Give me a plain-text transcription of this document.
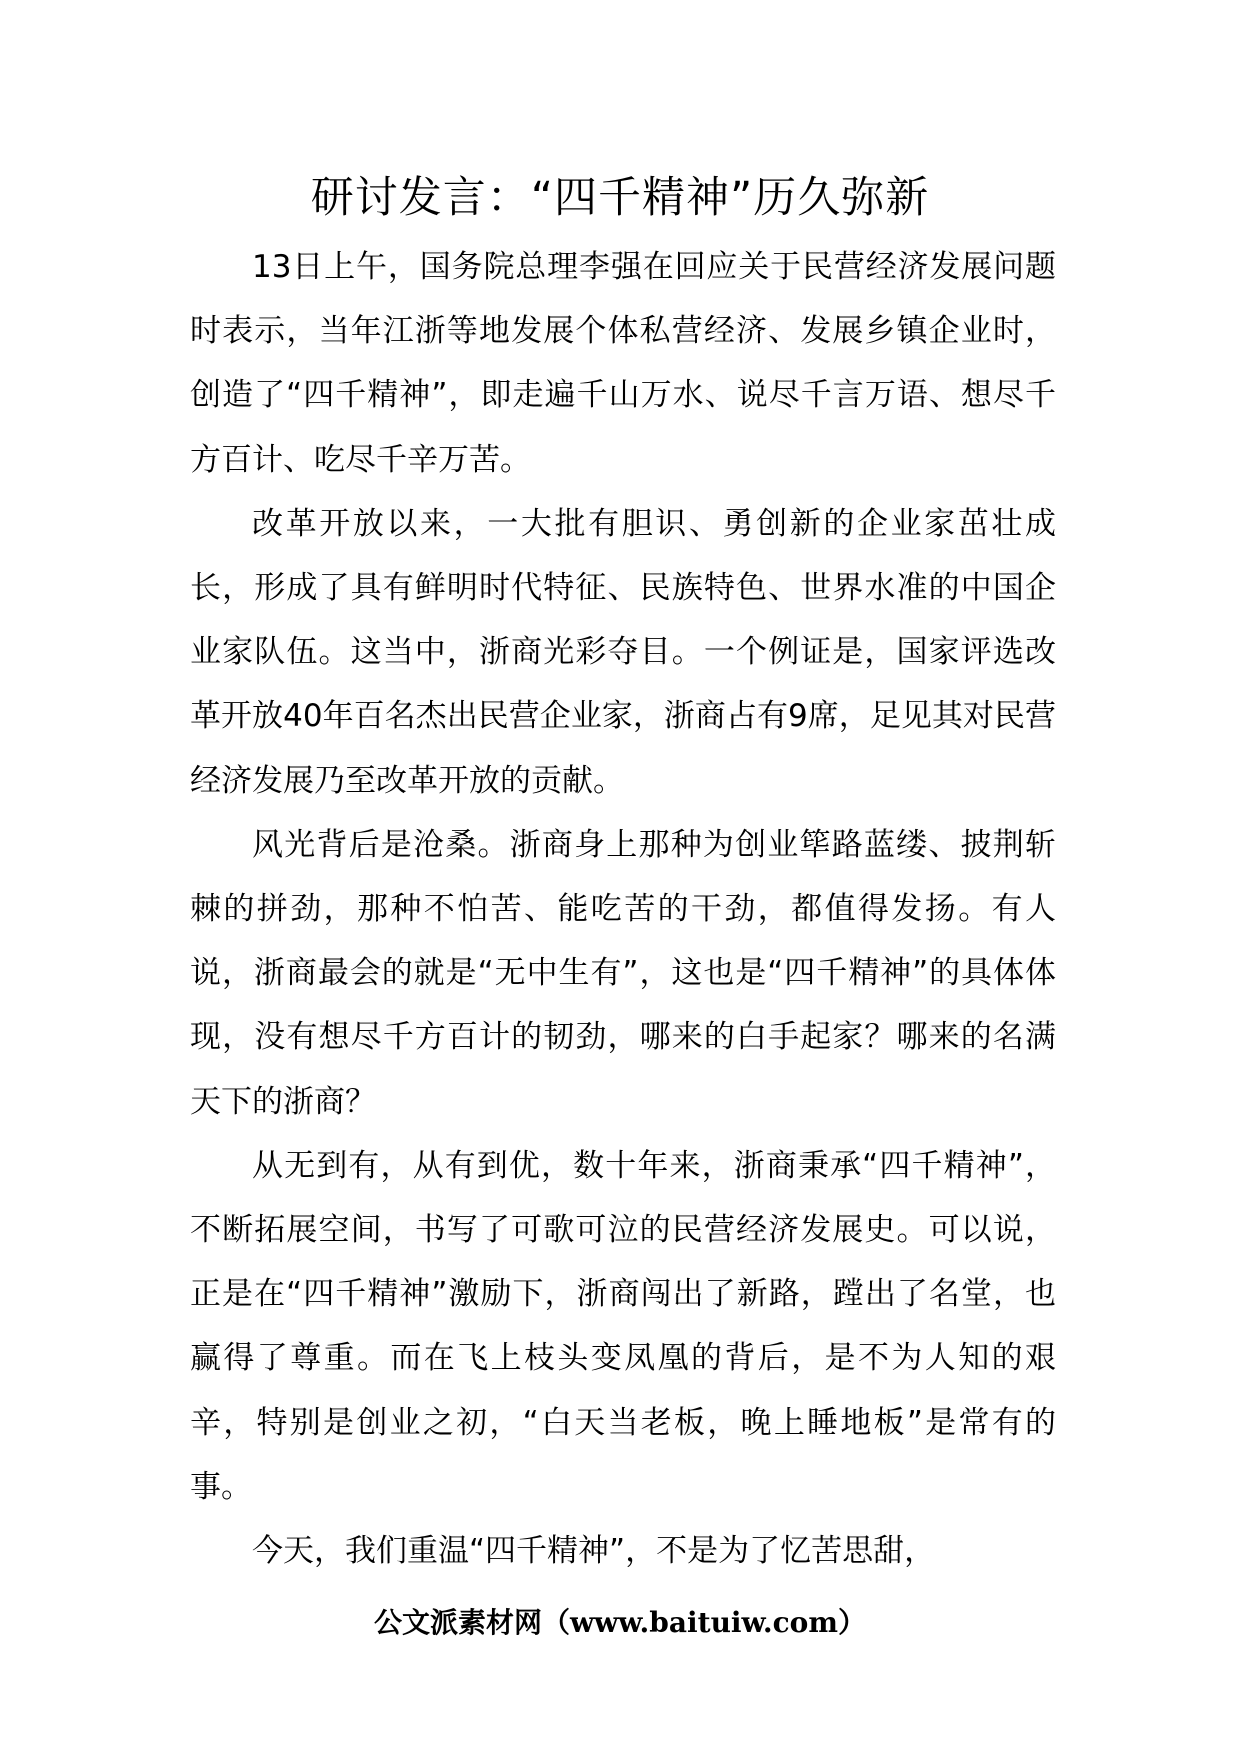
研讨发言：“四千精神”历久弥新

13日上午，国务院总理李强在回应关于民营经济发展问题时表示，当年江浙等地发展个体私营经济、发展乡镇企业时，创造了“四千精神”，即走遍千山万水、说尽千言万语、想尽千方百计、吃尽千辛万苦。

改革开放以来，一大批有胆识、勇创新的企业家茁壮成长，形成了具有鲜明时代特征、民族特色、世界水准的中国企业家队伍。这当中，浙商光彩夺目。一个例证是，国家评选改革开放40年百名杰出民营企业家，浙商占有9席，足见其对民营经济发展乃至改革开放的贡献。

风光背后是沧桑。浙商身上那种为创业筚路蓝缕、披荆斩棘的拼劲，那种不怕苦、能吃苦的干劲，都值得发扬。有人说，浙商最会的就是“无中生有”，这也是“四千精神”的具体体现，没有想尽千方百计的韧劲，哪来的白手起家？哪来的名满天下的浙商？

从无到有，从有到优，数十年来，浙商秉承“四千精神”，不断拓展空间，书写了可歌可泣的民营经济发展史。可以说，正是在“四千精神”激励下，浙商闯出了新路，蹚出了名堂，也赢得了尊重。而在飞上枝头变凤凰的背后，是不为人知的艰辛，特别是创业之初，“白天当老板，晚上睡地板”是常有的事。

今天，我们重温“四千精神”，不是为了忆苦思甜，

公文派素材网（www.baituiw.com）
